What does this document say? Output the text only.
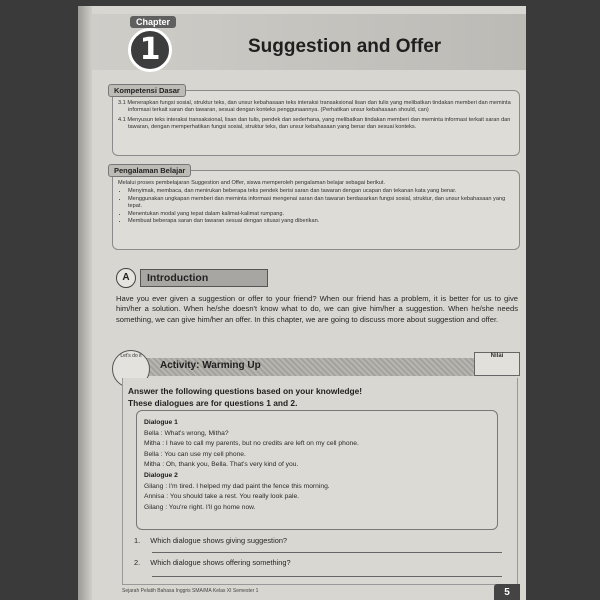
Chapter
1	Suggestion and Offer
Kompetensi Dasar
3.1 Menerapkan fungsi sosial, struktur teks, dan unsur kebahasaan teks interaksi transaksional lisan dan tulis yang melibatkan tindakan memberi dan meminta informasi terkait saran dan tawaran, sesuai dengan konteks penggunaannya. (Perhatikan unsur kebahasaan should, can)
4.1 Menyusun teks interaksi transaksional, lisan dan tulis, pendek dan sederhana, yang melibatkan tindakan memberi dan meminta informasi terkait saran dan tawaran, dengan memperhatikan fungsi sosial, struktur teks, dan unsur kebahasaan yang benar dan sesuai konteks.
Pengalaman Belajar
Melalui proses pembelajaran Suggestion and Offer, siswa memperoleh pengalaman belajar sebagai berikut.
• Menyimak, membaca, dan menirukan beberapa teks pendek berisi saran dan tawaran dengan ucapan dan tekanan kata yang benar.
• Menggunakan ungkapan memberi dan meminta informasi mengenai saran dan tawaran berdasarkan fungsi sosial, struktur, dan unsur kebahasaan yang tepat.
• Menentukan modal yang tepat dalam kalimat-kalimat rumpang.
• Membuat beberapa saran dan tawaran sesuai dengan situasi yang diberikan.
A	Introduction
Have you ever given a suggestion or offer to your friend? When our friend has a problem, it is better for us to give him/her a solution. When he/she doesn't know what to do, we can give him/her a suggestion. When he/she needs something, we can give him/her an offer. In this chapter, we are going to discuss more about suggestion and offer.
Let's do it
Activity: Warming Up
Nilai
Answer the following questions based on your knowledge!
These dialogues are for questions 1 and 2.
Dialogue 1
Bella : What's wrong, Mitha?
Mitha : I have to call my parents, but no credits are left on my cell phone.
Bella : You can use my cell phone.
Mitha : Oh, thank you, Bella. That's very kind of you.
Dialogue 2
Gilang : I'm tired. I helped my dad paint the fence this morning.
Annisa : You should take a rest. You really look pale.
Gilang : You're right. I'll go home now.
1. Which dialogue shows giving suggestion?
2. Which dialogue shows offering something?
Sejarah Pelatih Bahasa Inggris SMA/MA Kelas XI Semester 1	5
